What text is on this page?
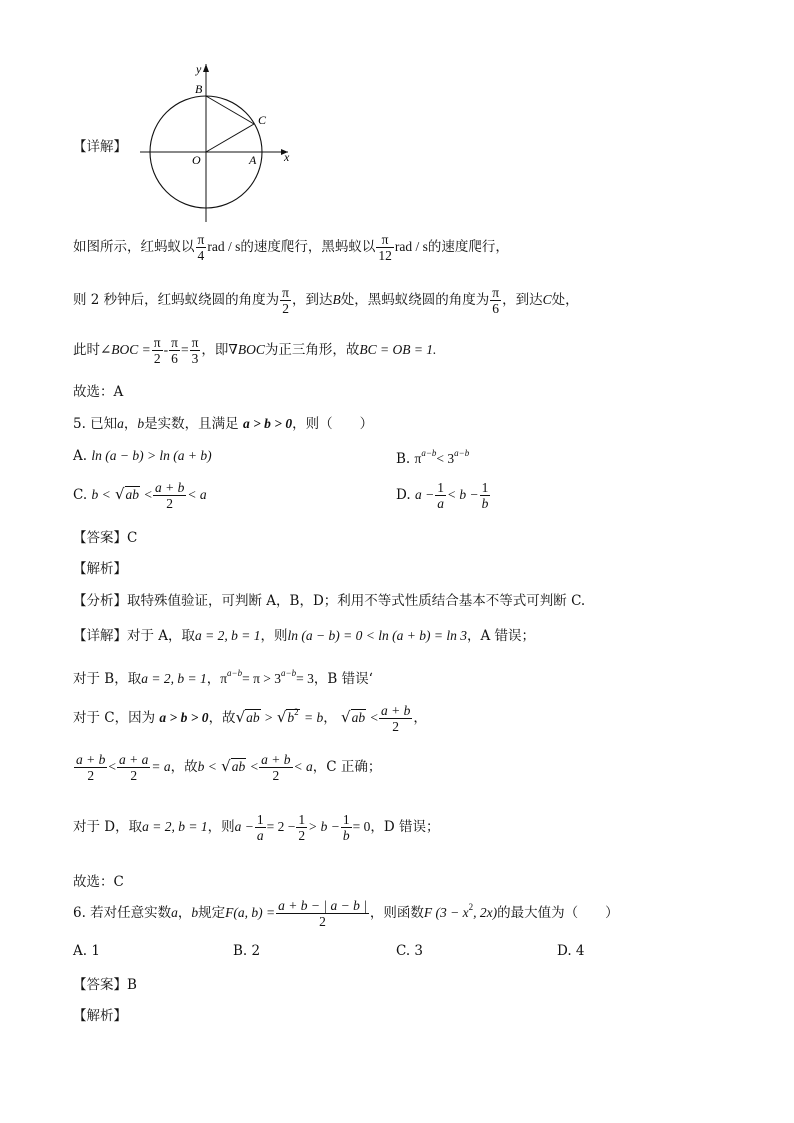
【详解】
y
x
B
C
O	A
如图所示，红蚂蚁以 $\frac{\pi}{4}$ rad / s的速度爬行，黑蚂蚁以 $\frac{\pi}{12}$ rad / s的速度爬行，
则 2 秒钟后，红蚂蚁绕圆的角度为 $\frac{\pi}{2}$ ，到达B处，黑蚂蚁绕圆的角度为 $\frac{\pi}{6}$ ，到达C处，
此时∠BOC = $\frac{\pi}{2} - \frac{\pi}{6} = \frac{\pi}{3}$ ，即∇BOC为正三角形，故BC = OB = 1.
故选：A
5. 已知a，b是实数，且满足 a > b > 0，则（　　）
A. ln (a − b) > ln (a + b)	B. $\pi^{a-b}< 3^{a-b}$
C. $b < √ab < \frac{a + b}{2} < a$	D. $a - \frac{1}{a} < b - \frac{1}{b}$
【答案】C
【解析】
【分析】取特殊值验证，可判断 A，B，D；利用不等式性质结合基本不等式可判断 C.
【详解】对于 A，取a = 2, b = 1，则ln (a − b) = 0 < ln (a + b) = ln 3，A 错误；
对于 B，取a = 2, b = 1，$\pi^{a-b}= \pi > 3^{a-b}= 3$，B 错误‘
对于 C，因为 a > b > 0，故$√ab > √b^2 = b$， $√ab < \frac{a + b}{2}$ ，
$\frac{a + b}{2} < \frac{a + a}{2} = a$，故$b < √ab < \frac{a + b}{2} < a$，C 正确；
对于 D，取a = 2, b = 1，则$a - \frac{1}{a} = 2 - \frac{1}{2} > b - \frac{1}{b} = 0$，D 错误；
故选：C
6. 若对任意实数a，b规定F(a, $b) = \frac{a + b - | a - b |}{2}$ ，则函数F ($3 - x^2$, 2x)的最大值为（　　）
A. 1	B. 2	C. 3	D. 4
【答案】B
【解析】
